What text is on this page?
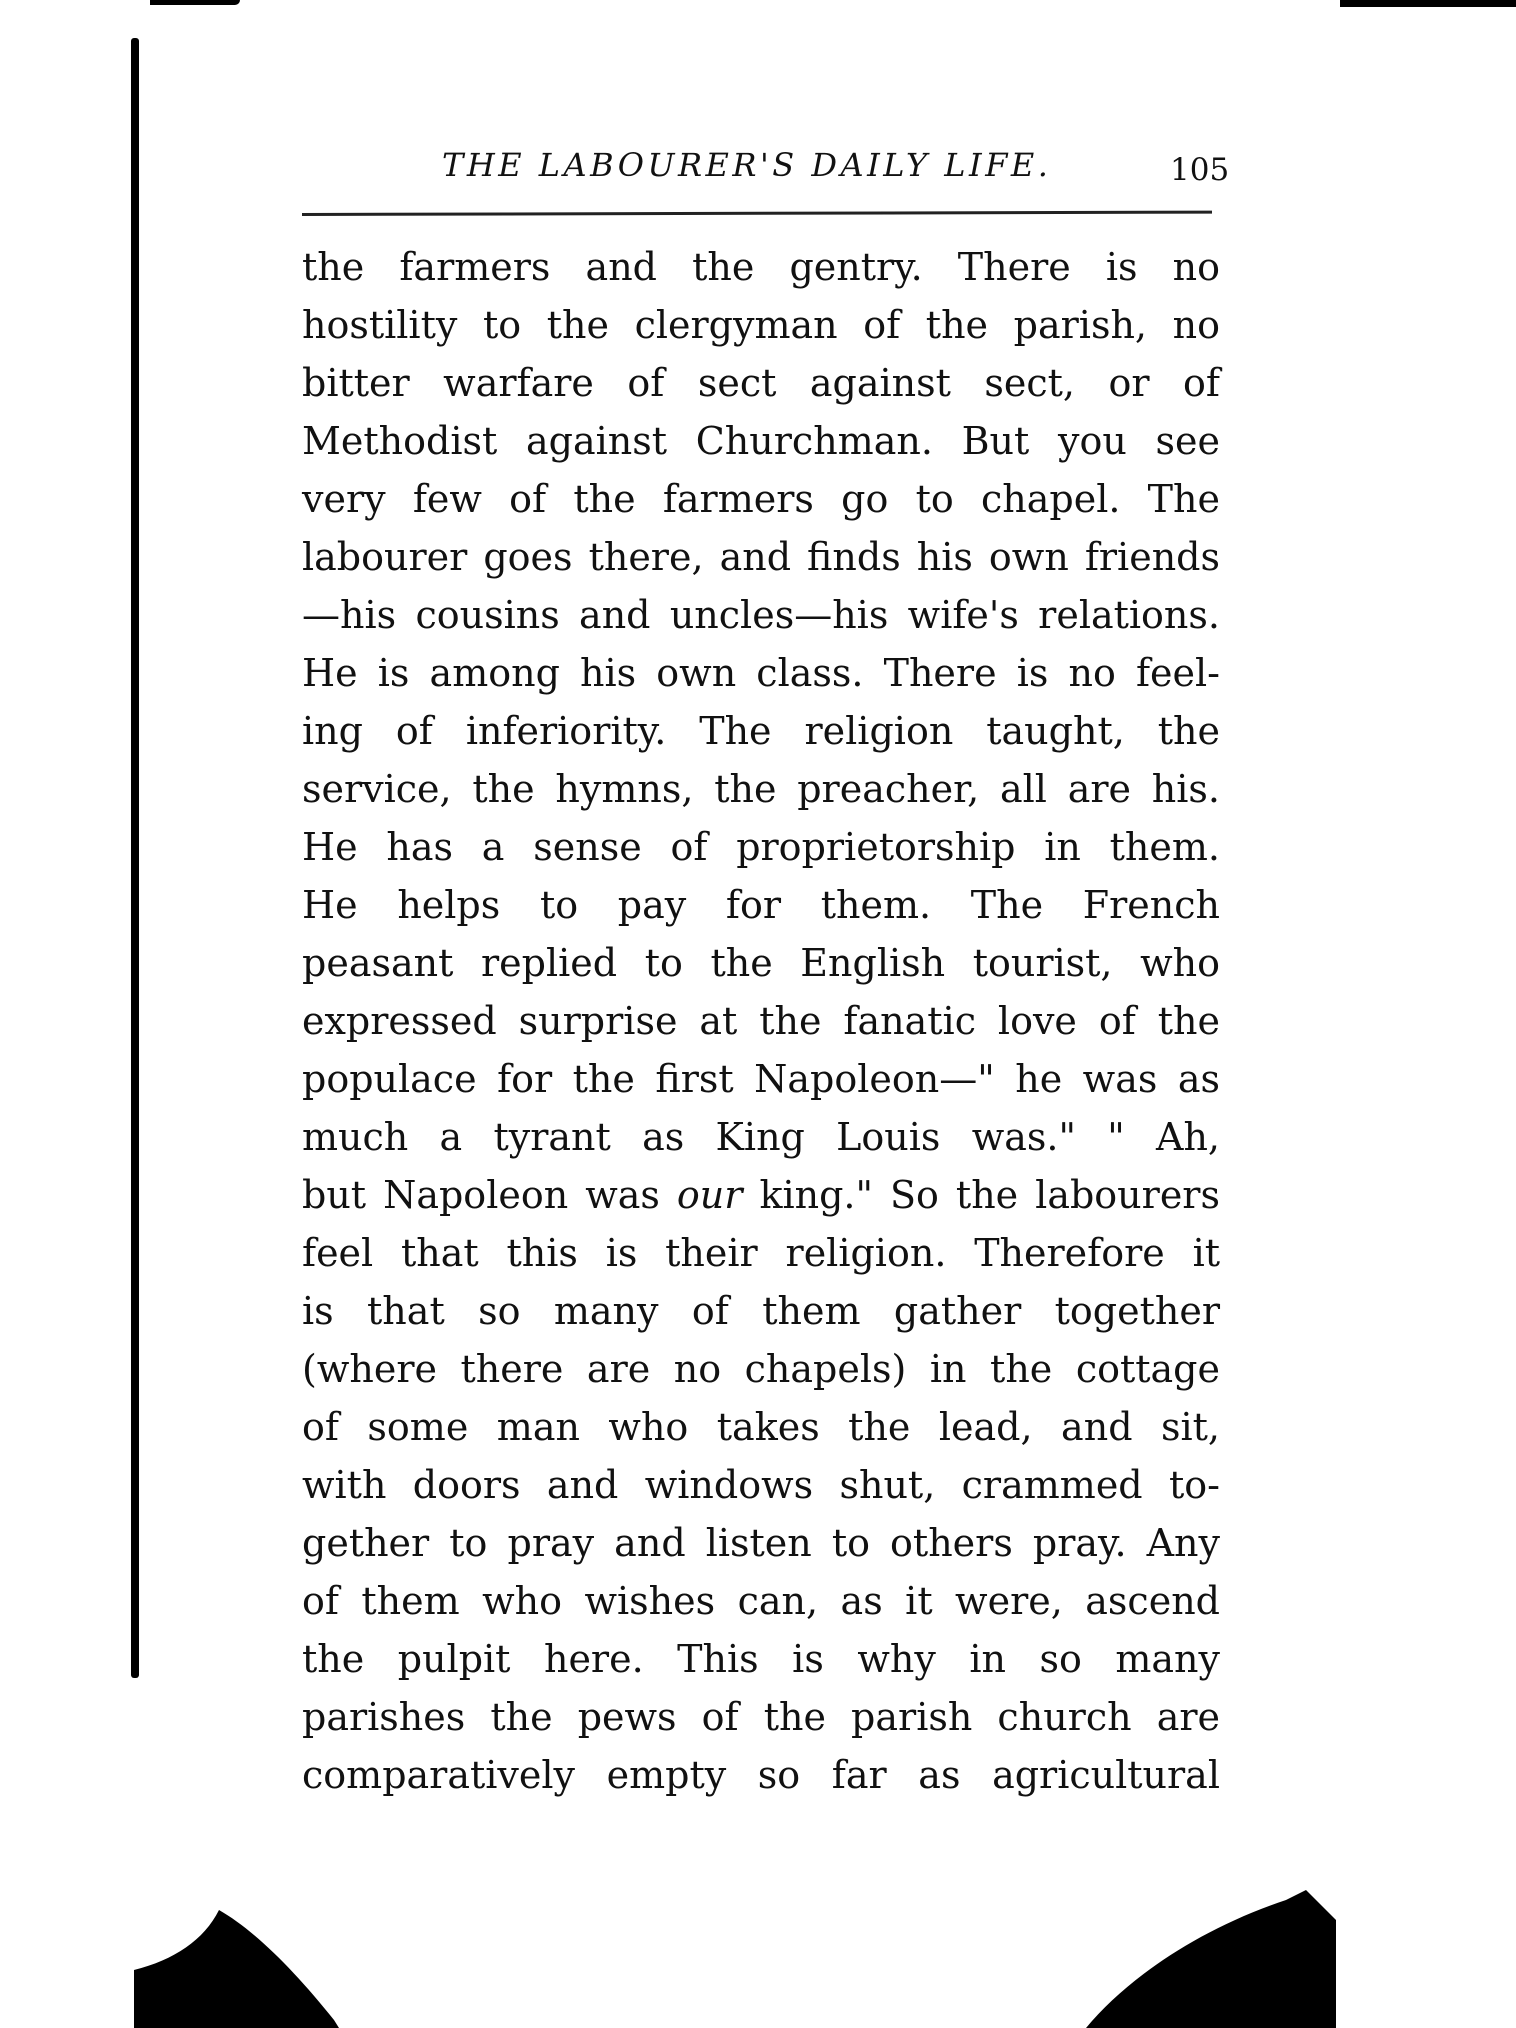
THE LABOURER'S DAILY LIFE.	105
the farmers and the gentry. There is no
hostility to the clergyman of the parish, no
bitter warfare of sect against sect, or of
Methodist against Churchman. But you see
very few of the farmers go to chapel. The
labourer goes there, and finds his own friends
—his cousins and uncles—his wife's relations.
He is among his own class. There is no feel-
ing of inferiority. The religion taught, the
service, the hymns, the preacher, all are his.
He has a sense of proprietorship in them.
He helps to pay for them. The French
peasant replied to the English tourist, who
expressed surprise at the fanatic love of the
populace for the first Napoleon—" he was as
much a tyrant as King Louis was." " Ah,
but Napoleon was our king." So the labourers
feel that this is their religion. Therefore it
is that so many of them gather together
(where there are no chapels) in the cottage
of some man who takes the lead, and sit,
with doors and windows shut, crammed to-
gether to pray and listen to others pray. Any
of them who wishes can, as it were, ascend
the pulpit here. This is why in so many
parishes the pews of the parish church are
comparatively empty so far as agricultural
